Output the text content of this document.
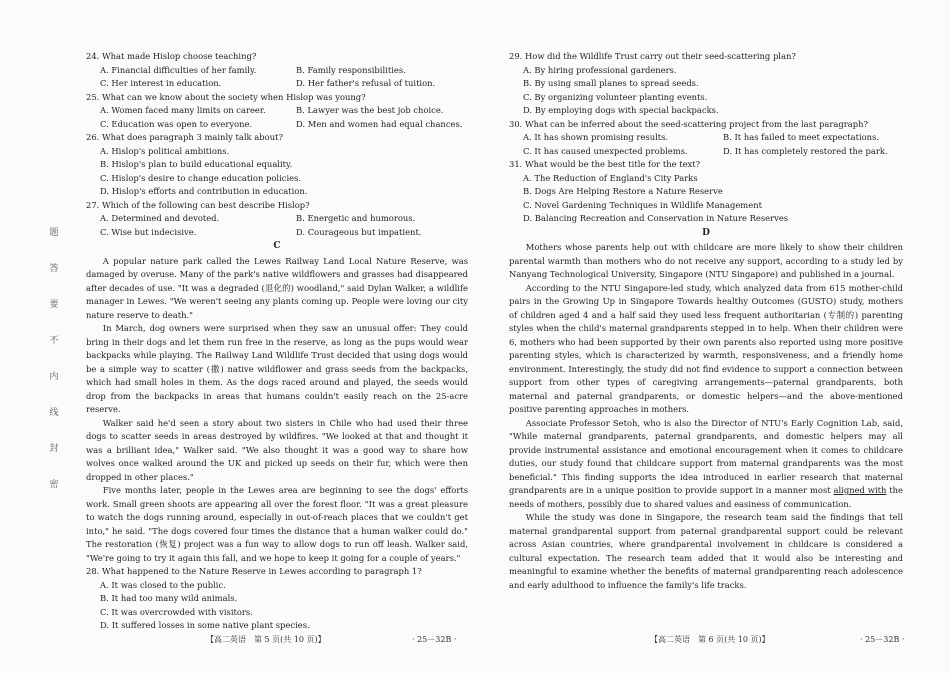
题
答
要
不
内
线
封
密

24. What made Hislop choose teaching?

A. Financial difficulties of her family.	B. Family responsibilities.
C. Her interest in education.	D. Her father's refusal of tuition.

25. What can we know about the society when Hislop was young?

A. Women faced many limits on career.	B. Lawyer was the best job choice.
C. Education was open to everyone.	D. Men and women had equal chances.

26. What does paragraph 3 mainly talk about?

A. Hislop's political ambitions.
B. Hislop's plan to build educational equality.
C. Hislop's desire to change education policies.
D. Hislop's efforts and contribution in education.

27. Which of the following can best describe Hislop?

A. Determined and devoted.	B. Energetic and humorous.
C. Wise but indecisive.	D. Courageous but impatient.
C

A popular nature park called the Lewes Railway Land Local Nature Reserve, was damaged by overuse. Many of the park's native wildflowers and grasses had disappeared after decades of use. "It was a degraded (退化的) woodland," said Dylan Walker, a wildlife manager in Lewes. "We weren't seeing any plants coming up. People were loving our city nature reserve to death."

In March, dog owners were surprised when they saw an unusual offer: They could bring in their dogs and let them run free in the reserve, as long as the pups would wear backpacks while playing. The Railway Land Wildlife Trust decided that using dogs would be a simple way to scatter (撒) native wildflower and grass seeds from the backpacks, which had small holes in them. As the dogs raced around and played, the seeds would drop from the backpacks in areas that humans couldn't easily reach on the 25-acre reserve.

Walker said he'd seen a story about two sisters in Chile who had used their three dogs to scatter seeds in areas destroyed by wildfires. "We looked at that and thought it was a brilliant idea," Walker said. "We also thought it was a good way to share how wolves once walked around the UK and picked up seeds on their fur, which were then dropped in other places."

Five months later, people in the Lewes area are beginning to see the dogs' efforts work. Small green shoots are appearing all over the forest floor. "It was a great pleasure to watch the dogs running around, especially in out-of-reach places that we couldn't get into," he said. "The dogs covered four times the distance that a human walker could do." The restoration (恢复) project was a fun way to allow dogs to run off leash. Walker said, "We're going to try it again this fall, and we hope to keep it going for a couple of years."

28. What happened to the Nature Reserve in Lewes according to paragraph 1?

A. It was closed to the public.
B. It had too many wild animals.
C. It was overcrowded with visitors.
D. It suffered losses in some native plant species.

29. How did the Wildlife Trust carry out their seed-scattering plan?

A. By hiring professional gardeners.
B. By using small planes to spread seeds.
C. By organizing volunteer planting events.
D. By employing dogs with special backpacks.

30. What can be inferred about the seed-scattering project from the last paragraph?

A. It has shown promising results.	B. It has failed to meet expectations.
C. It has caused unexpected problems.	D. It has completely restored the park.

31. What would be the best title for the text?

A. The Reduction of England's City Parks
B. Dogs Are Helping Restore a Nature Reserve
C. Novel Gardening Techniques in Wildlife Management
D. Balancing Recreation and Conservation in Nature Reserves
D

Mothers whose parents help out with childcare are more likely to show their children parental warmth than mothers who do not receive any support, according to a study led by Nanyang Technological University, Singapore (NTU Singapore) and published in a journal.

According to the NTU Singapore-led study, which analyzed data from 615 mother-child pairs in the Growing Up in Singapore Towards healthy Outcomes (GUSTO) study, mothers of children aged 4 and a half said they used less frequent authoritarian (专制的) parenting styles when the child's maternal grandparents stepped in to help. When their children were 6, mothers who had been supported by their own parents also reported using more positive parenting styles, which is characterized by warmth, responsiveness, and a friendly home environment. Interestingly, the study did not find evidence to support a connection between support from other types of caregiving arrangements—paternal grandparents, both maternal and paternal grandparents, or domestic helpers—and the above-mentioned positive parenting approaches in mothers.

Associate Professor Setoh, who is also the Director of NTU's Early Cognition Lab, said, "While maternal grandparents, paternal grandparents, and domestic helpers may all provide instrumental assistance and emotional encouragement when it comes to childcare duties, our study found that childcare support from maternal grandparents was the most beneficial." This finding supports the idea introduced in earlier research that maternal grandparents are in a unique position to provide support in a manner most aligned with the needs of mothers, possibly due to shared values and easiness of communication.

While the study was done in Singapore, the research team said the findings that tell maternal grandparental support from paternal grandparental support could be relevant across Asian countries, where grandparental involvement in childcare is considered a cultural expectation. The research team added that it would also be interesting and meaningful to examine whether the benefits of maternal grandparenting reach adolescence and early adulthood to influence the family's life tracks.

【高二英语　第 5 页(共 10 页)】	· 25－32B ·	【高二英语　第 6 页(共 10 页)】	· 25－32B ·
